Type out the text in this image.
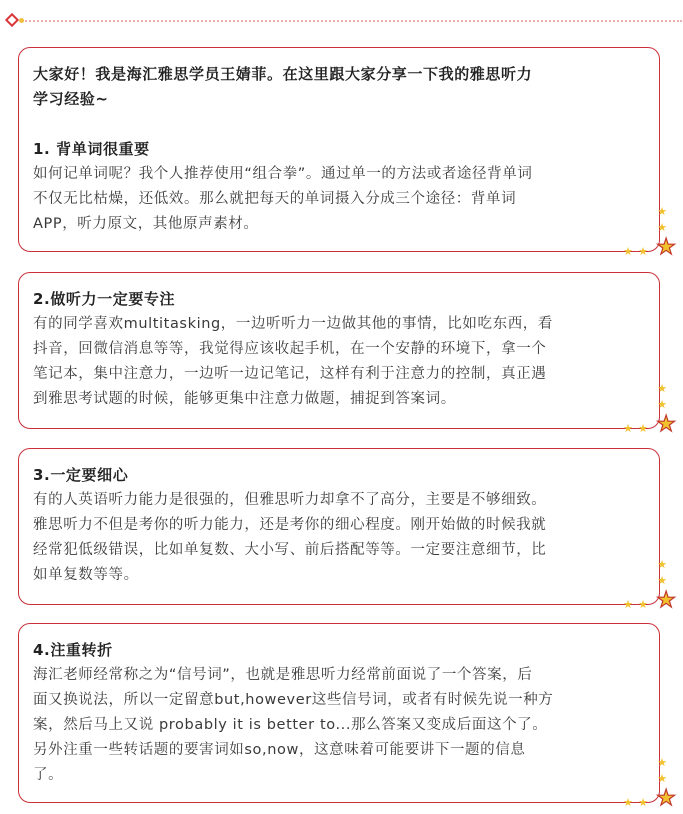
大家好！我是海汇雅思学员王婧菲。在这里跟大家分享一下我的雅思听力

学习经验~

1. 背单词很重要

如何记单词呢？我个人推荐使用“组合拳”。通过单一的方法或者途径背单词

不仅无比枯燥，还低效。那么就把每天的单词摄入分成三个途径：背单词

APP，听力原文，其他原声素材。

★
★
★ ★ ★

2.做听力一定要专注

有的同学喜欢multitasking，一边听听力一边做其他的事情，比如吃东西，看

抖音，回微信消息等等，我觉得应该收起手机，在一个安静的环境下，拿一个

笔记本，集中注意力，一边听一边记笔记，这样有利于注意力的控制，真正遇

到雅思考试题的时候，能够更集中注意力做题，捕捉到答案词。

★
★
★ ★ ★

3.一定要细心

有的人英语听力能力是很强的，但雅思听力却拿不了高分，主要是不够细致。

雅思听力不但是考你的听力能力，还是考你的细心程度。刚开始做的时候我就

经常犯低级错误，比如单复数、大小写、前后搭配等等。一定要注意细节，比

如单复数等等。

★
★
★ ★ ★

4.注重转折

海汇老师经常称之为“信号词”，也就是雅思听力经常前面说了一个答案，后

面又换说法，所以一定留意but,however这些信号词，或者有时候先说一种方

案，然后马上又说 probably it is better to...那么答案又变成后面这个了。

另外注重一些转话题的要害词如so,now，这意味着可能要讲下一题的信息

了。

★
★
★ ★ ★
